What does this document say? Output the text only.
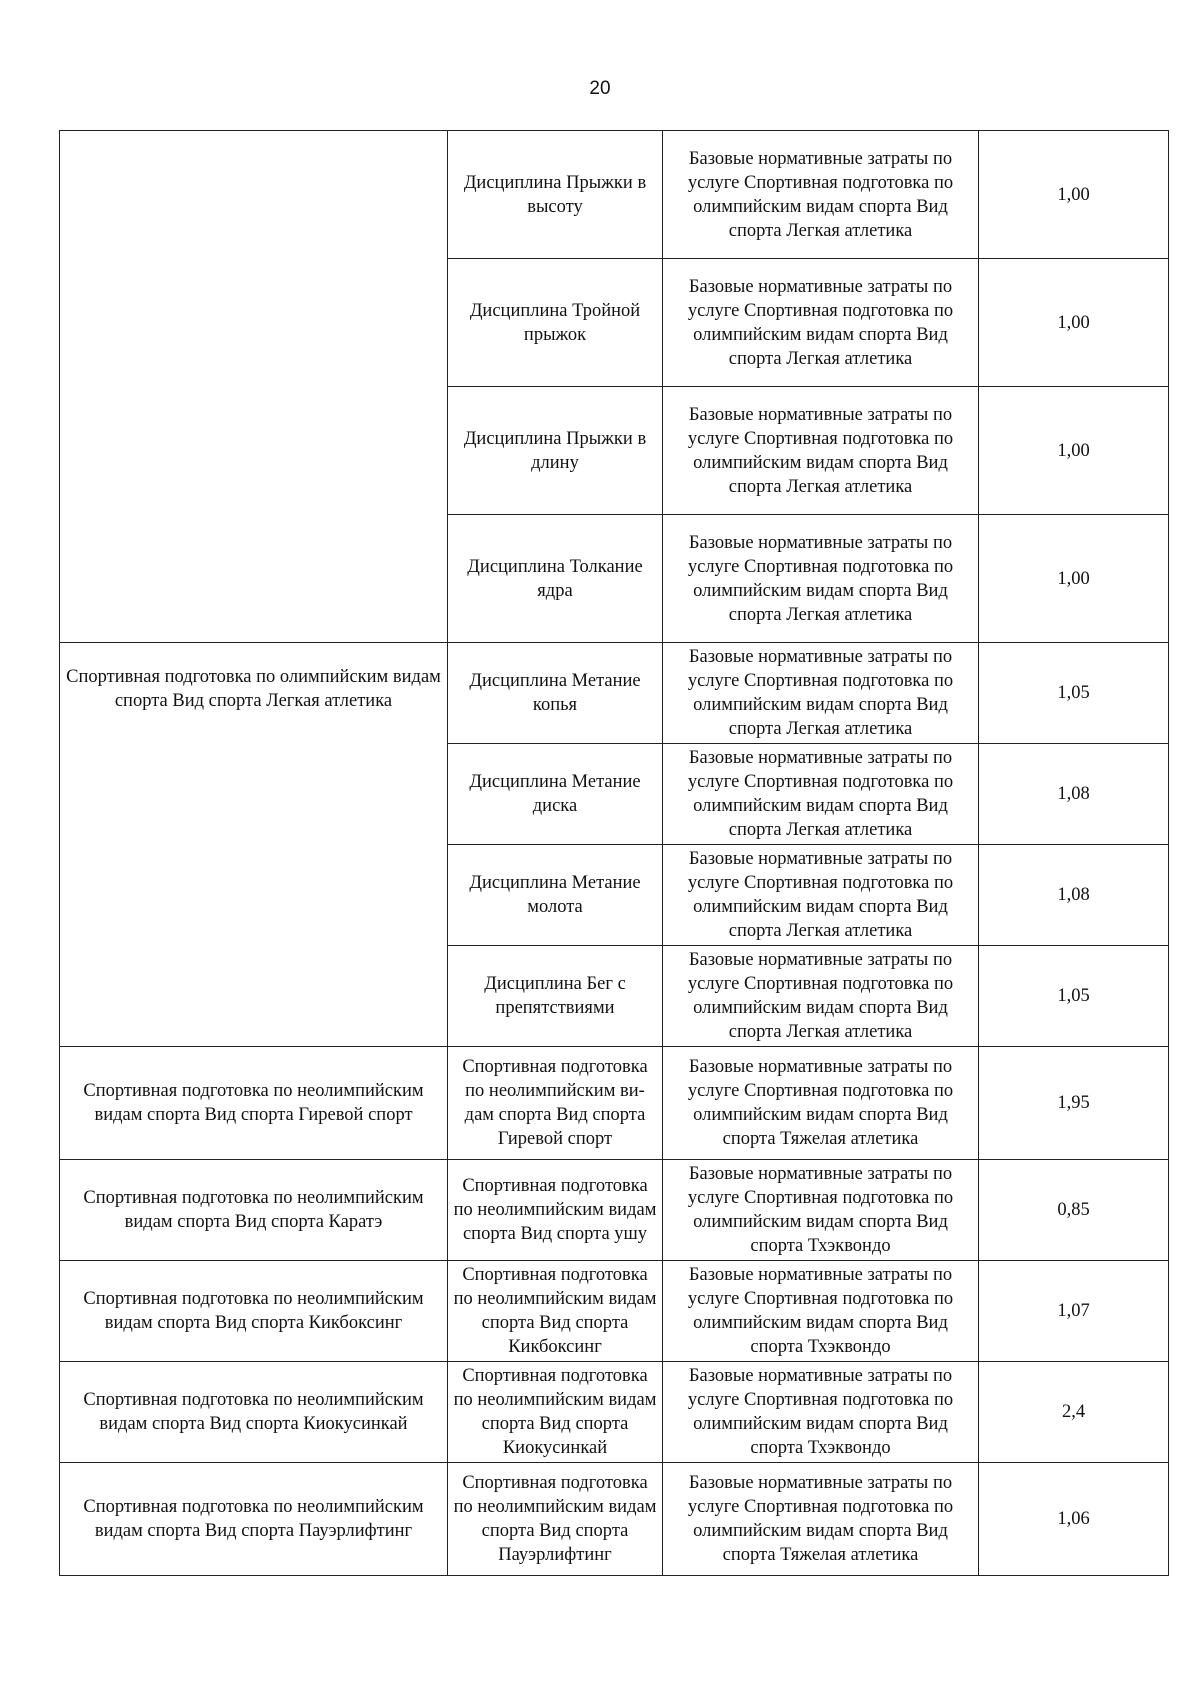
20
	Дисциплина Прыжки в высоту	Базовые нормативные затраты по услуге Спортивная подготовка по олимпийским видам спорта Вид спорта Легкая атлетика	1,00
	Дисциплина Тройной прыжок	Базовые нормативные затраты по услуге Спортивная подготовка по олимпийским видам спорта Вид спорта Легкая атлетика	1,00
	Дисциплина Прыжки в длину	Базовые нормативные затраты по услуге Спортивная подготовка по олимпийским видам спорта Вид спорта Легкая атлетика	1,00
	Дисциплина Толкание ядра	Базовые нормативные затраты по услуге Спортивная подготовка по олимпийским видам спорта Вид спорта Легкая атлетика	1,00
Спортивная подготовка по олимпийским видам спорта Вид спорта Легкая атлетика	Дисциплина Метание копья	Базовые нормативные затраты по услуге Спортивная подготовка по олимпийским видам спорта Вид спорта Легкая атлетика	1,05
	Дисциплина Метание диска	Базовые нормативные затраты по услуге Спортивная подготовка по олимпийским видам спорта Вид спорта Легкая атлетика	1,08
	Дисциплина Метание молота	Базовые нормативные затраты по услуге Спортивная подготовка по олимпийским видам спорта Вид спорта Легкая атлетика	1,08
	Дисциплина Бег с препятствиями	Базовые нормативные затраты по услуге Спортивная подготовка по олимпийским видам спорта Вид спорта Легкая атлетика	1,05
Спортивная подготовка по неолимпийским видам спорта Вид спорта Гиревой спорт	Спортивная подготовка по неолимпийским ви-дам спорта Вид спорта Гиревой спорт	Базовые нормативные затраты по услуге Спортивная подготовка по олимпийским видам спорта Вид спорта Тяжелая атлетика	1,95
Спортивная подготовка по неолимпийским видам спорта Вид спорта Каратэ	Спортивная подготовка по неолимпийским видам спорта Вид спорта ушу	Базовые нормативные затраты по услуге Спортивная подготовка по олимпийским видам спорта Вид спорта Тхэквондо	0,85
Спортивная подготовка по неолимпийским видам спорта Вид спорта Кикбоксинг	Спортивная подготовка по неолимпийским видам спорта Вид спорта Кикбоксинг	Базовые нормативные затраты по услуге Спортивная подготовка по олимпийским видам спорта Вид спорта Тхэквондо	1,07
Спортивная подготовка по неолимпийским видам спорта Вид спорта Киокусинкай	Спортивная подготовка по неолимпийским видам спорта Вид спорта Киокусинкай	Базовые нормативные затраты по услуге Спортивная подготовка по олимпийским видам спорта Вид спорта Тхэквондо	2,4
Спортивная подготовка по неолимпийским видам спорта Вид спорта Пауэрлифтинг	Спортивная подготовка по неолимпийским видам спорта Вид спорта Пауэрлифтинг	Базовые нормативные затраты по услуге Спортивная подготовка по олимпийским видам спорта Вид спорта Тяжелая атлетика	1,06
